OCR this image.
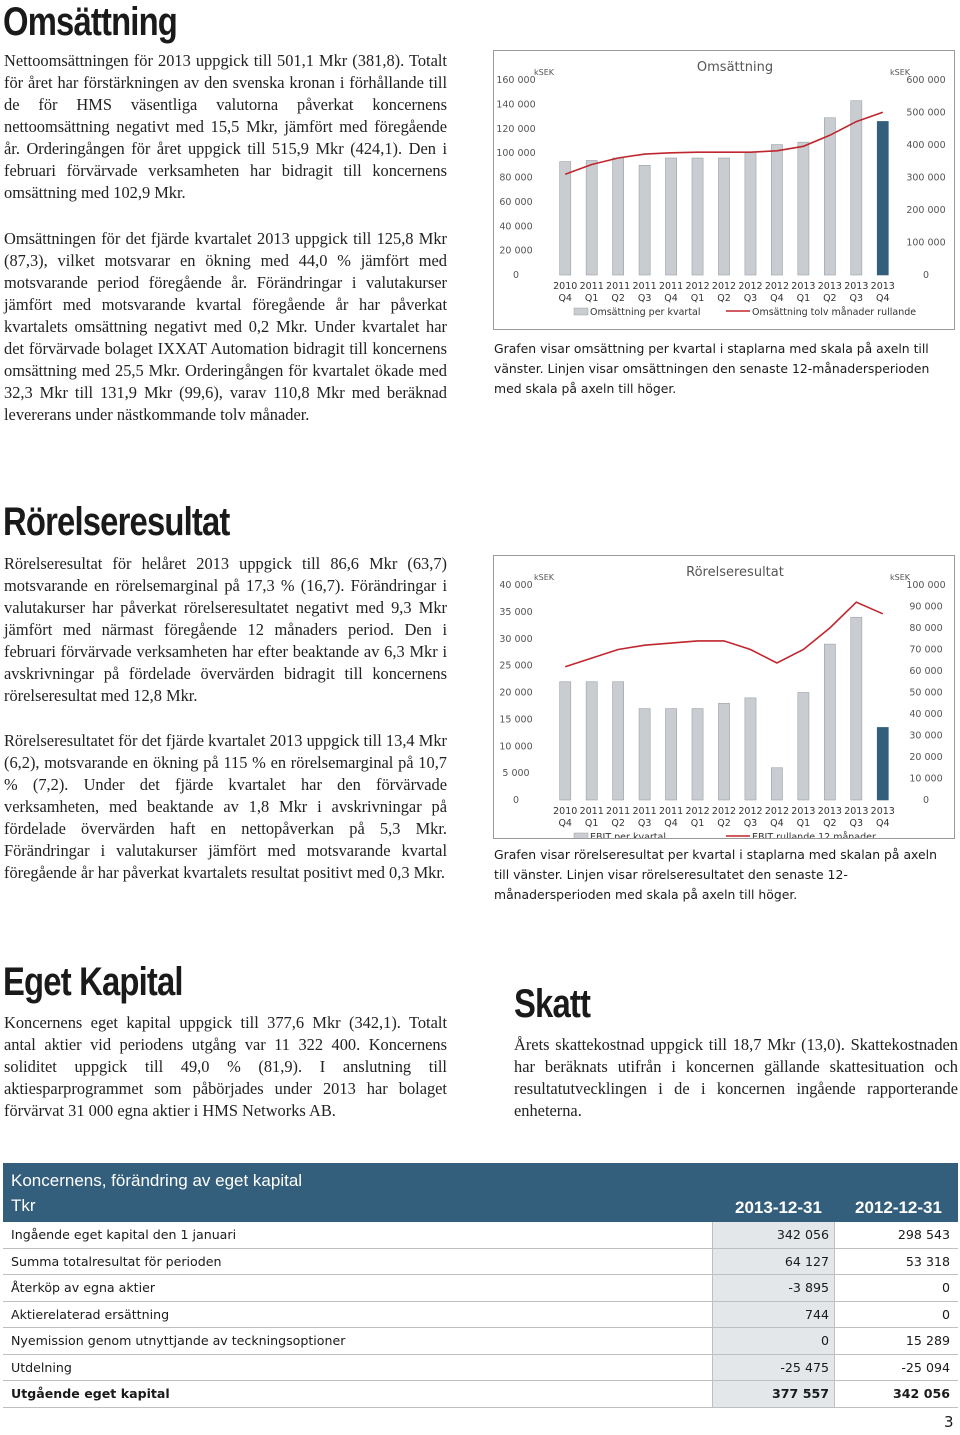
Omsättning
Nettoomsättningen för 2013 uppgick till 501,1 Mkr (381,8). Totalt för året har förstärkningen av den svenska kronan i förhållande till de för HMS väsentliga valutorna påverkat koncernens nettoomsättning negativt med 15,5 Mkr, jämfört med föregående år. Orderingången för året uppgick till 515,9 Mkr (424,1). Den i februari förvärvade verksamheten har bidragit till koncernens omsättning med 102,9 Mkr.
Omsättningen för det fjärde kvartalet 2013 uppgick till 125,8 Mkr (87,3), vilket motsvarar en ökning med 44,0 % jämfört med motsvarande period föregående år. Förändringar i valutakurser jämfört med motsvarande kvartal föregående år har påverkat kvartalets omsättning negativt med 0,2 Mkr. Under kvartalet har det förvärvade bolaget IXXAT Automation bidragit till koncernens omsättning med 25,5 Mkr. Orderingången för kvartalet ökade med 32,3 Mkr till 131,9 Mkr (99,6), varav 110,8 Mkr med beräknad levererans under nästkommande tolv månader.
Omsättning
kSEK	kSEK
0
20 000
40 000
60 000
80 000
100 000
120 000
140 000
160 000
0
100 000
200 000
300 000
400 000
500 000
600 000
2010
Q4
2011
Q1
2011
Q2
2011
Q3
2011
Q4
2012
Q1
2012
Q2
2012
Q3
2012
Q4
2013
Q1
2013
Q2
2013
Q3
2013
Q4
Omsättning per kvartal	Omsättning tolv månader rullande
Grafen visar omsättning per kvartal i staplarna med skala på axeln till vänster. Linjen visar omsättningen den senaste 12-månadersperioden med skala på axeln till höger.
Rörelseresultat
Rörelseresultat för helåret 2013 uppgick till 86,6 Mkr (63,7) motsvarande en rörelsemarginal på 17,3 % (16,7). Förändringar i valutakurser har påverkat rörelseresultatet negativt med 9,3 Mkr jämfört med närmast föregående 12 månaders period. Den i februari förvärvade verksamheten har efter beaktande av 6,3 Mkr i avskrivningar på fördelade övervärden bidragit till koncernens rörelseresultat med 12,8 Mkr.
Rörelseresultatet för det fjärde kvartalet 2013 uppgick till 13,4 Mkr (6,2), motsvarande en ökning på 115 % en rörelsemarginal på 10,7 % (7,2). Under det fjärde kvartalet har den förvärvade verksamheten, med beaktande av 1,8 Mkr i avskrivningar på fördelade övervärden haft en nettopåverkan på 5,3 Mkr. Förändringar i valutakurser jämfört med motsvarande kvartal föregående år har påverkat kvartalets resultat positivt med 0,3 Mkr.
Rörelseresultat
kSEK	kSEK
0
5 000
10 000
15 000
20 000
25 000
30 000
35 000
40 000
0
10 000
20 000
30 000
40 000
50 000
60 000
70 000
80 000
90 000
100 000
2010
Q4
2011
Q1
2011
Q2
2011
Q3
2011
Q4
2012
Q1
2012
Q2
2012
Q3
2012
Q4
2013
Q1
2013
Q2
2013
Q3
2013
Q4
EBIT per kvartal	EBIT rullande 12 månader
Grafen visar rörelseresultat per kvartal i staplarna med skalan på axeln till vänster. Linjen visar rörelseresultatet den senaste 12-månadersperioden med skala på axeln till höger.
Eget Kapital
Koncernens eget kapital uppgick till 377,6 Mkr (342,1). Totalt antal aktier vid periodens utgång var 11 322 400. Koncernens soliditet uppgick till 49,0 % (81,9). I anslutning till aktiesparprogrammet som påbörjades under 2013 har bolaget förvärvat 31 000 egna aktier i HMS Networks AB.
Skatt
Årets skattekostnad uppgick till 18,7 Mkr (13,0). Skattekostnaden har beräknats utifrån i koncernen gällande skattesituation och resultatutvecklingen i de i koncernen ingående rapporterande enheterna.
Koncernens, förändring av eget kapital
Tkr	2013-12-31 2012-12-31
Ingående eget kapital den 1 januari	342 056	298 543
Summa totalresultat för perioden	64 127	53 318
Återköp av egna aktier	-3 895	0
Aktierelaterad ersättning	744	0
Nyemission genom utnyttjande av teckningsoptioner	0	15 289
Utdelning	-25 475	-25 094
Utgående eget kapital	377 557	342 056
3
